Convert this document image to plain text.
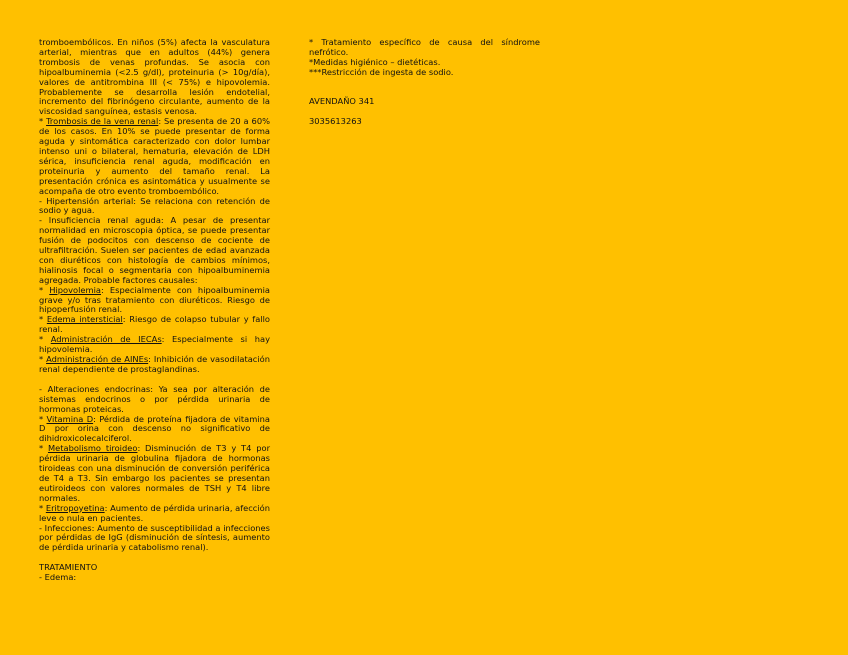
tromboembólicos. En niños (5%) afecta la vasculatura arterial, mientras que en adultos (44%) genera trombosis de venas profundas. Se asocia con hipoalbuminemia (<2.5 g/dl), proteinuria (> 10g/día), valores de antitrombina III (< 75%) e hipovolemia. Probablemente se desarrolla lesión endotelial, incremento del fibrinógeno circulante, aumento de la viscosidad sanguínea, estasis venosa.

* Trombosis de la vena renal: Se presenta de 20 a 60% de los casos. En 10% se puede presentar de forma aguda y sintomática caracterizado con dolor lumbar intenso uni o bilateral, hematuria, elevación de LDH sérica, insuficiencia renal aguda, modificación en proteinuria y aumento del tamaño renal. La presentación crónica es asintomática y usualmente se acompaña de otro evento tromboembólico.

- Hipertensión arterial: Se relaciona con retención de sodio y agua.

- Insuficiencia renal aguda: A pesar de presentar normalidad en microscopia óptica, se puede presentar fusión de podocitos con descenso de cociente de ultrafiltración. Suelen ser pacientes de edad avanzada con diuréticos con histología de cambios mínimos, hialinosis focal o segmentaria con hipoalbuminemia agregada. Probable factores causales:

* Hipovolemia: Especialmente con hipoalbuminemia grave y/o tras tratamiento con diuréticos. Riesgo de hipoperfusión renal.

* Edema intersticial: Riesgo de colapso tubular y fallo renal.

* Administración de IECAs: Especialmente si hay hipovolemia.

* Administración de AINEs: Inhibición de vasodilatación renal dependiente de prostaglandinas.

- Alteraciones endocrinas: Ya sea por alteración de sistemas endocrinos o por pérdida urinaria de hormonas proteicas.

* Vitamina D: Pérdida de proteína fijadora de vitamina D por orina con descenso no significativo de dihidroxicolecalciferol.

* Metabolismo tiroideo: Disminución de T3 y T4 por pérdida urinaria de globulina fijadora de hormonas tiroideas con una disminución de conversión periférica de T4 a T3. Sin embargo los pacientes se presentan eutiroideos con valores normales de TSH y T4 libre normales.

* Eritropoyetina: Aumento de pérdida urinaria, afección leve o nula en pacientes.

- Infecciones: Aumento de susceptibilidad a infecciones por pérdidas de IgG (disminución de síntesis, aumento de pérdida urinaria y catabolismo renal).

TRATAMIENTO

- Edema:

* Tratamiento específico de causa del síndrome nefrótico.

*Medidas higiénico – dietéticas.

***Restricción de ingesta de sodio.

AVENDAÑO 341

3035613263
